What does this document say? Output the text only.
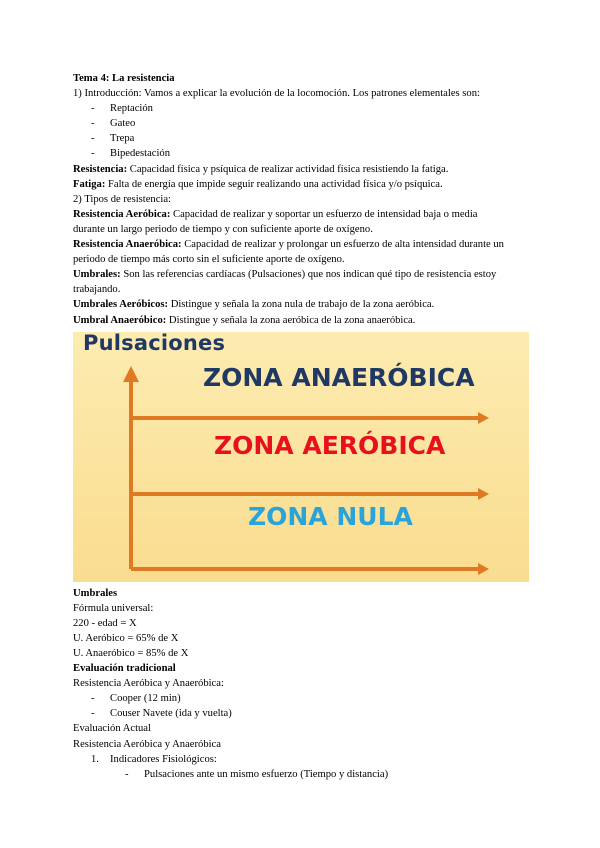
Tema 4: La resistencia
1) Introducción: Vamos a explicar la evolución de la locomoción. Los patrones elementales son:
- Reptación
- Gateo
- Trepa
- Bipedestación
Resistencia: Capacidad física y psíquica de realizar actividad física resistiendo la fatiga.
Fatiga: Falta de energía que impide seguir realizando una actividad física y/o psíquica.
2) Tipos de resistencia:
Resistencia Aeróbica: Capacidad de realizar y soportar un esfuerzo de intensidad baja o media
durante un largo periodo de tiempo y con suficiente aporte de oxígeno.
Resistencia Anaeróbica: Capacidad de realizar y prolongar un esfuerzo de alta intensidad durante un
periodo de tiempo más corto sin el suficiente aporte de oxígeno.
Umbrales: Son las referencias cardíacas (Pulsaciones) que nos indican qué tipo de resistencia estoy
trabajando.
Umbrales Aeróbicos: Distingue y señala la zona nula de trabajo de la zona aeróbica.
Umbral Anaeróbico: Distingue y señala la zona aeróbica de la zona anaeróbica.
Pulsaciones
ZONA ANAERÓBICA
ZONA AERÓBICA
ZONA NULA
Umbrales
Fórmula universal:
220 - edad = X
U. Aeróbico = 65% de X
U. Anaeróbico = 85% de X
Evaluación tradicional
Resistencia Aeróbica y Anaeróbica:
- Cooper (12 min)
- Couser Navete (ida y vuelta)
Evaluación Actual
Resistencia Aeróbica y Anaeróbica
1. Indicadores Fisiológicos:
- Pulsaciones ante un mismo esfuerzo (Tiempo y distancia)
